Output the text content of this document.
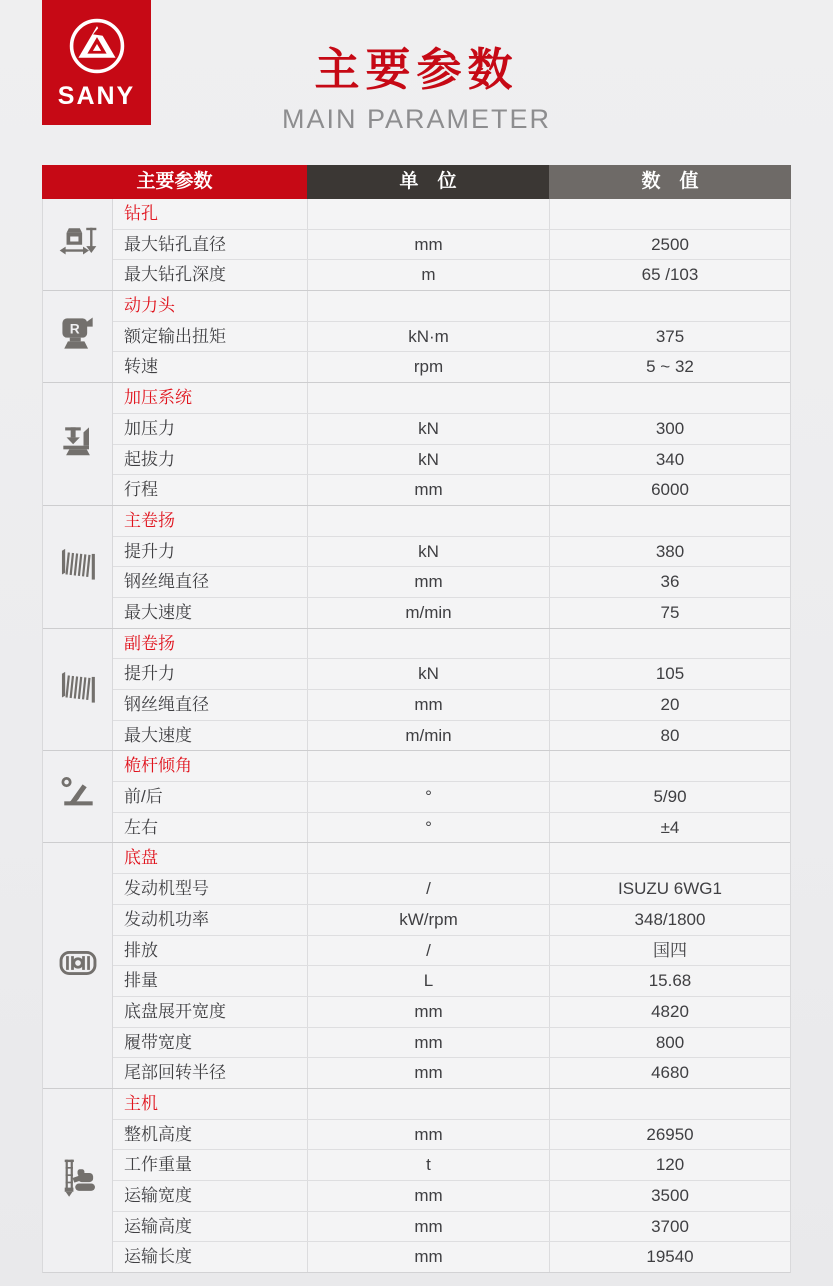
SANY
主要参数
MAIN PARAMETER
主要参数	单　位	数　值
钻孔
最大钻孔直径	mm	2500
最大钻孔深度	m	65 /103
R
动力头
额定输出扭矩	kN·m	375
转速	rpm	5 ~ 32
加压系统
加压力	kN	300
起拔力	kN	340
行程	mm	6000
主卷扬
提升力	kN	380
钢丝绳直径	mm	36
最大速度	m/min	75
副卷扬
提升力	kN	105
钢丝绳直径	mm	20
最大速度	m/min	80
桅杆倾角
前/后	°	5/90
左右	°	±4
底盘
发动机型号	/	ISUZU 6WG1
发动机功率	kW/rpm	348/1800
排放	/	国四
排量	L	15.68
底盘展开宽度	mm	4820
履带宽度	mm	800
尾部回转半径	mm	4680
主机
整机高度	mm	26950
工作重量	t	120
运输宽度	mm	3500
运输高度	mm	3700
运输长度	mm	19540
